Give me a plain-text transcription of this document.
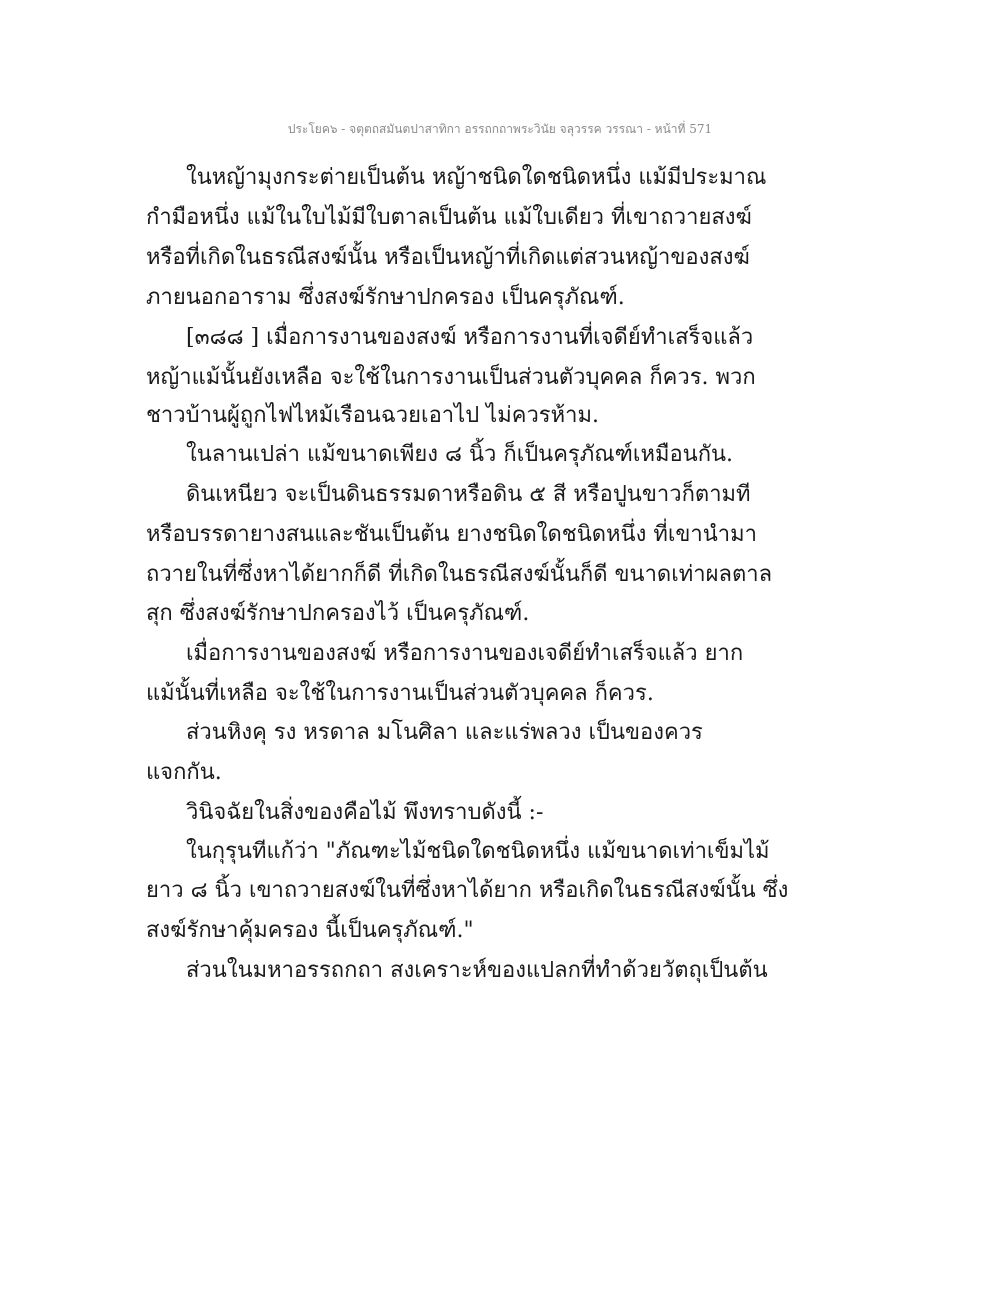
ประโยค๖ - จตุตถสมันตปาสาทิกา อรรถกถาพระวินัย จลุวรรค วรรณา - หน้าที่ 571
ในหญ้ามุงกระต่ายเป็นต้น หญ้าชนิดใดชนิดหนึ่ง แม้มีประมาณ
กำมือหนึ่ง แม้ในใบไม้มีใบตาลเป็นต้น แม้ใบเดียว ที่เขาถวายสงฆ์
หรือที่เกิดในธรณีสงฆ์นั้น หรือเป็นหญ้าที่เกิดแต่สวนหญ้าของสงฆ์
ภายนอกอาราม ซึ่งสงฆ์รักษาปกครอง เป็นครุภัณฑ์.
[๓๘๘ ] เมื่อการงานของสงฆ์ หรือการงานที่เจดีย์ทำเสร็จแล้ว
หญ้าแม้นั้นยังเหลือ จะใช้ในการงานเป็นส่วนตัวบุคคล ก็ควร. พวก
ชาวบ้านผู้ถูกไฟไหม้เรือนฉวยเอาไป ไม่ควรห้าม.
ในลานเปล่า แม้ขนาดเพียง ๘ นิ้ว ก็เป็นครุภัณฑ์เหมือนกัน.
ดินเหนียว จะเป็นดินธรรมดาหรือดิน ๕ สี หรือปูนขาวก็ตามที
หรือบรรดายางสนและชันเป็นต้น ยางชนิดใดชนิดหนึ่ง ที่เขานำมา
ถวายในที่ซึ่งหาได้ยากก็ดี ที่เกิดในธรณีสงฆ์นั้นก็ดี ขนาดเท่าผลตาล
สุก ซึ่งสงฆ์รักษาปกครองไว้ เป็นครุภัณฑ์.
เมื่อการงานของสงฆ์ หรือการงานของเจดีย์ทำเสร็จแล้ว ยาก
แม้นั้นที่เหลือ จะใช้ในการงานเป็นส่วนตัวบุคคล ก็ควร.
ส่วนหิงคุ รง หรดาล มโนศิลา และแร่พลวง เป็นของควร
แจกกัน.
วินิจฉัยในสิ่งของคือไม้ พึงทราบดังนี้ :-
ในกุรุนทีแก้ว่า "ภัณฑะไม้ชนิดใดชนิดหนึ่ง แม้ขนาดเท่าเข็มไม้
ยาว ๘ นิ้ว เขาถวายสงฆ์ในที่ซึ่งหาได้ยาก หรือเกิดในธรณีสงฆ์นั้น ซึ่ง
สงฆ์รักษาคุ้มครอง นี้เป็นครุภัณฑ์."
ส่วนในมหาอรรถกถา สงเคราะห์ของแปลกที่ทำด้วยวัตถุเป็นต้น
